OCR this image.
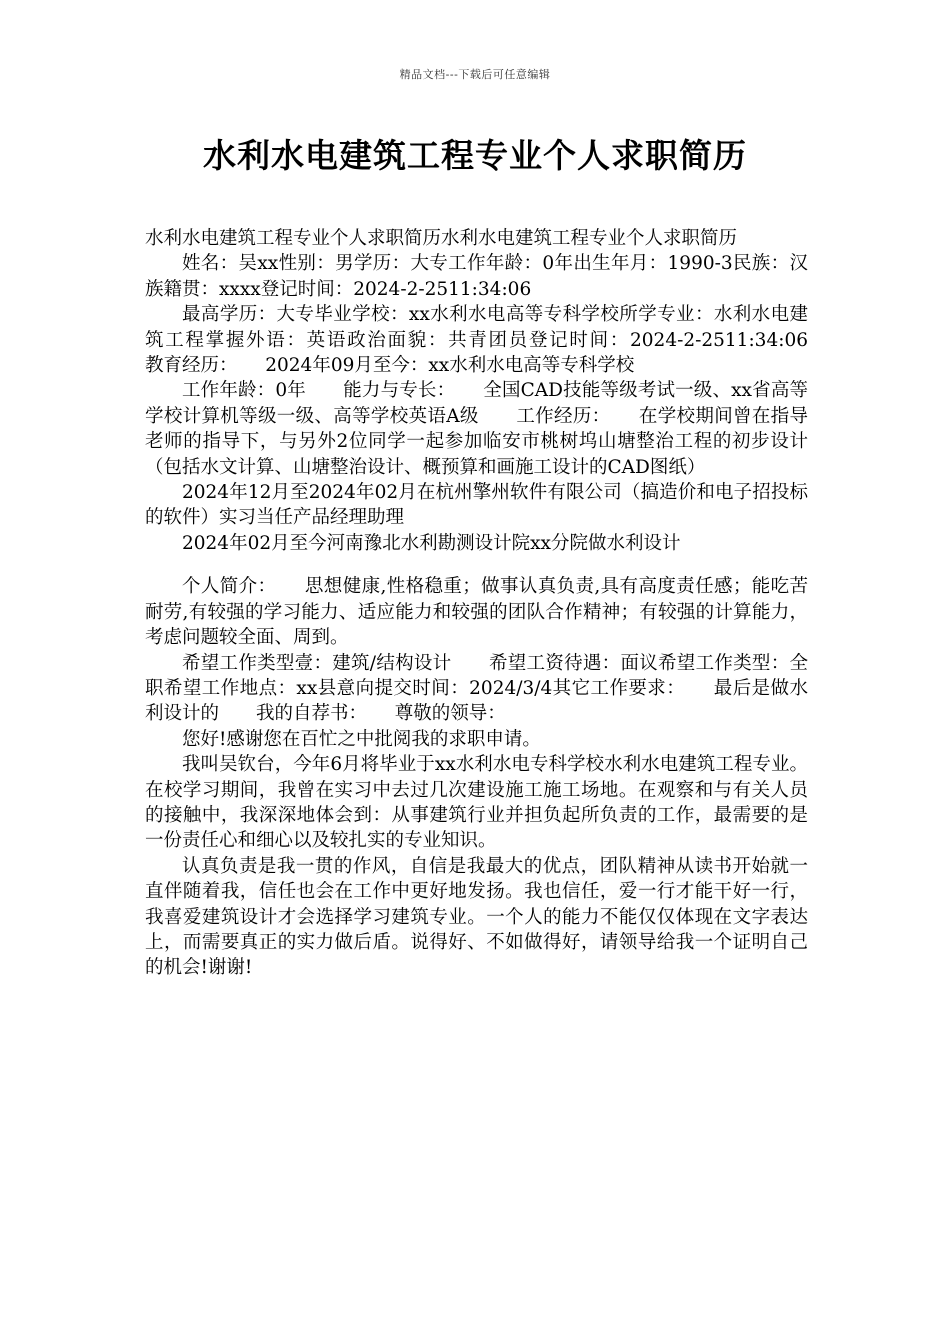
精品文档---下载后可任意编辑
水利水电建筑工程专业个人求职简历

水利水电建筑工程专业个人求职简历水利水电建筑工程专业个人求职简历

姓名：吴xx性别：男学历：大专工作年龄：0年出生年月：1990-3民族：汉族籍贯：xxxx登记时间：2024-2-2511:34:06

最高学历：大专毕业学校：xx水利水电高等专科学校所学专业：水利水电建筑工程掌握外语：英语政治面貌：共青团员登记时间：2024-2-2511:34:06　　教育经历：　　2024年09月至今：xx水利水电高等专科学校

工作年龄：0年　　能力与专长：　　全国CAD技能等级考试一级、xx省高等学校计算机等级一级、高等学校英语A级　　工作经历：　　在学校期间曾在指导老师的指导下，与另外2位同学一起参加临安市桃树坞山塘整治工程的初步设计（包括水文计算、山塘整治设计、概预算和画施工设计的CAD图纸）

2024年12月至2024年02月在杭州擎州软件有限公司（搞造价和电子招投标的软件）实习当任产品经理助理

2024年02月至今河南豫北水利勘测设计院xx分院做水利设计

个人简介：　　思想健康,性格稳重；做事认真负责,具有高度责任感；能吃苦耐劳,有较强的学习能力、适应能力和较强的团队合作精神；有较强的计算能力，考虑问题较全面、周到。

希望工作类型壹：建筑/结构设计　　希望工资待遇：面议希望工作类型：全职希望工作地点：xx县意向提交时间：2024/3/4其它工作要求：　　最后是做水利设计的　　我的自荐书：　　尊敬的领导：

您好!感谢您在百忙之中批阅我的求职申请。

我叫吴钦台，今年6月将毕业于xx水利水电专科学校水利水电建筑工程专业。在校学习期间，我曾在实习中去过几次建设施工施工场地。在观察和与有关人员的接触中，我深深地体会到：从事建筑行业并担负起所负责的工作，最需要的是一份责任心和细心以及较扎实的专业知识。

认真负责是我一贯的作风，自信是我最大的优点，团队精神从读书开始就一直伴随着我，信任也会在工作中更好地发扬。我也信任，爱一行才能干好一行，我喜爱建筑设计才会选择学习建筑专业。一个人的能力不能仅仅体现在文字表达上，而需要真正的实力做后盾。说得好、不如做得好，请领导给我一个证明自己的机会!谢谢!
